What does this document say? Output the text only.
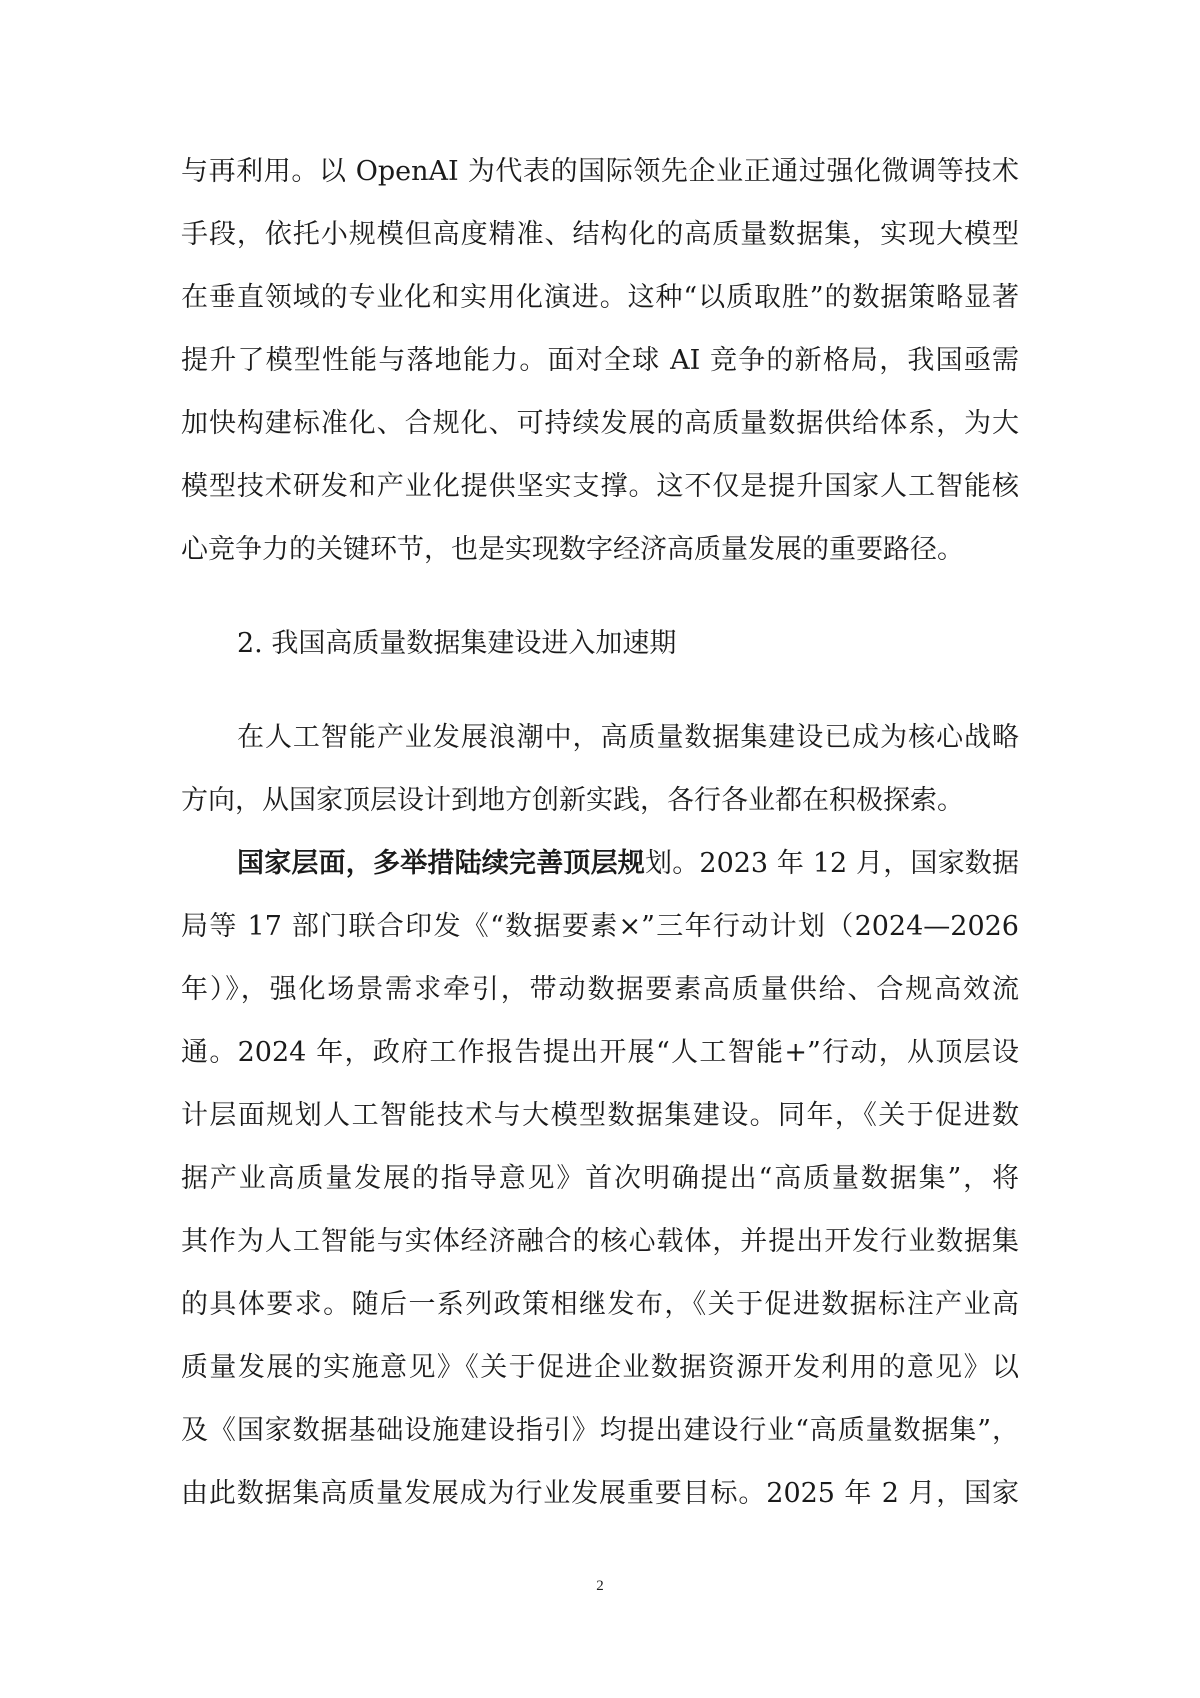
与再利用。以 OpenAI 为代表的国际领先企业正通过强化微调等技术
手段，依托小规模但高度精准、结构化的高质量数据集，实现大模型
在垂直领域的专业化和实用化演进。这种“以质取胜”的数据策略显著
提升了模型性能与落地能力。面对全球 AI 竞争的新格局，我国亟需
加快构建标准化、合规化、可持续发展的高质量数据供给体系，为大
模型技术研发和产业化提供坚实支撑。这不仅是提升国家人工智能核
心竞争力的关键环节，也是实现数字经济高质量发展的重要路径。
2. 我国高质量数据集建设进入加速期
在人工智能产业发展浪潮中，高质量数据集建设已成为核心战略
方向，从国家顶层设计到地方创新实践，各行各业都在积极探索。
国家层面，多举措陆续完善顶层规划。2023 年 12 月，国家数据
局等 17 部门联合印发《“数据要素×”三年行动计划（2024—2026
年）》，强化场景需求牵引，带动数据要素高质量供给、合规高效流
通。2024 年，政府工作报告提出开展“人工智能+”行动，从顶层设
计层面规划人工智能技术与大模型数据集建设。同年，《关于促进数
据产业高质量发展的指导意见》首次明确提出“高质量数据集”，将
其作为人工智能与实体经济融合的核心载体，并提出开发行业数据集
的具体要求。随后一系列政策相继发布，《关于促进数据标注产业高
质量发展的实施意见》《关于促进企业数据资源开发利用的意见》以
及《国家数据基础设施建设指引》均提出建设行业“高质量数据集”，
由此数据集高质量发展成为行业发展重要目标。2025 年 2 月，国家
2
